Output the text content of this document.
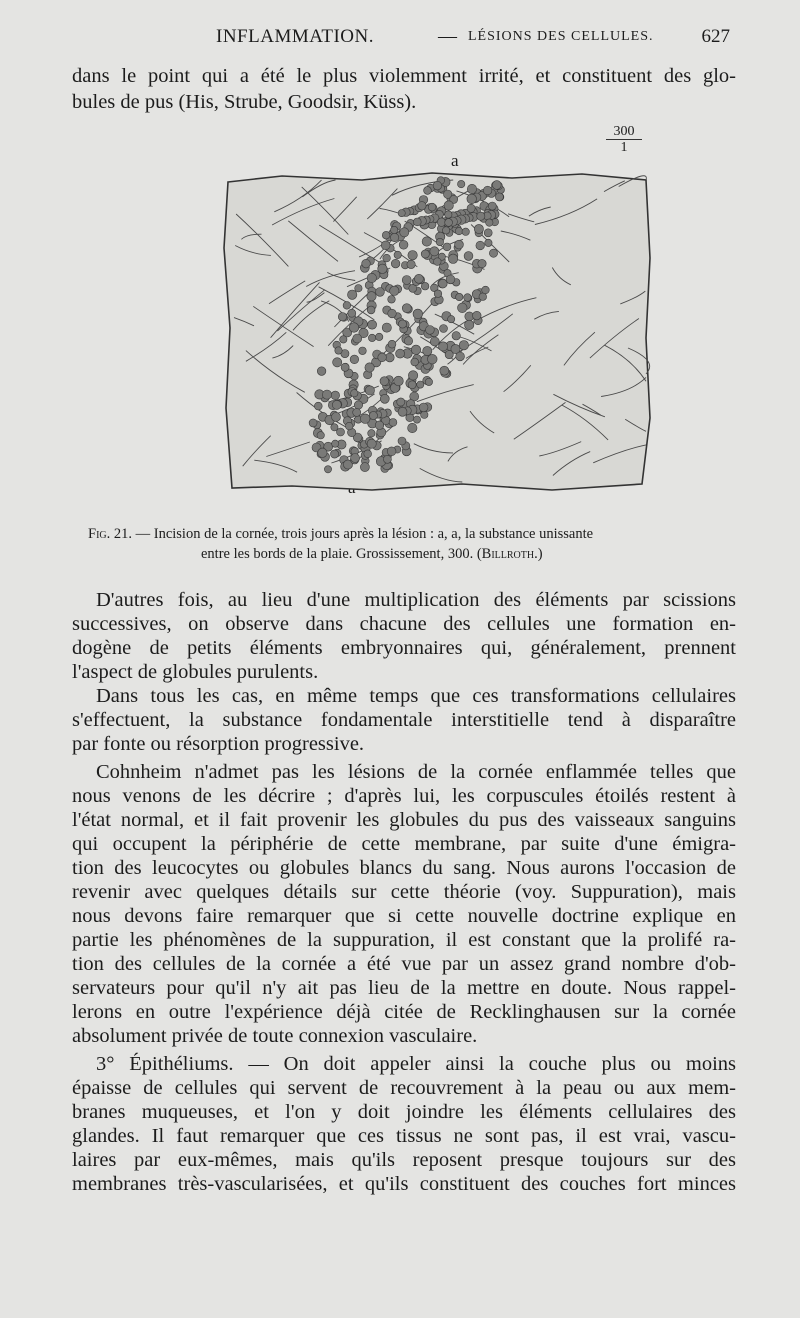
INFLAMMATION.	— LÉSIONS DES CELLULES.	627
dans le point qui a été le plus violemment irrité, et constituent des glo-
bules de pus (His, Strube, Goodsir, Küss).
$\frac{300}{1}$
a
Fig. 21. — Incision de la cornée, trois jours après la lésion : a, a, la substance unissante
entre les bords de la plaie. Grossissement, 300. (Billroth.)
D'autres fois, au lieu d'une multiplication des éléments par scissions
successives, on observe dans chacune des cellules une formation en-
dogène de petits éléments embryonnaires qui, généralement, prennent
l'aspect de globules purulents.
Dans tous les cas, en même temps que ces transformations cellulaires
s'effectuent, la substance fondamentale interstitielle tend à disparaître
par fonte ou résorption progressive.
Cohnheim n'admet pas les lésions de la cornée enflammée telles que
nous venons de les décrire ; d'après lui, les corpuscules étoilés restent à
l'état normal, et il fait provenir les globules du pus des vaisseaux sanguins
qui occupent la périphérie de cette membrane, par suite d'une émigra-
tion des leucocytes ou globules blancs du sang. Nous aurons l'occasion de
revenir avec quelques détails sur cette théorie (voy. Suppuration), mais
nous devons faire remarquer que si cette nouvelle doctrine explique en
partie les phénomènes de la suppuration, il est constant que la prolifé ra-
tion des cellules de la cornée a été vue par un assez grand nombre d'ob-
servateurs pour qu'il n'y ait pas lieu de la mettre en doute. Nous rappel-
lerons en outre l'expérience déjà citée de Recklinghausen sur la cornée
absolument privée de toute connexion vasculaire.
3° Épithéliums. — On doit appeler ainsi la couche plus ou moins
épaisse de cellules qui servent de recouvrement à la peau ou aux mem-
branes muqueuses, et l'on y doit joindre les éléments cellulaires des
glandes. Il faut remarquer que ces tissus ne sont pas, il est vrai, vascu-
laires par eux-mêmes, mais qu'ils reposent presque toujours sur des
membranes très-vascularisées, et qu'ils constituent des couches fort minces
